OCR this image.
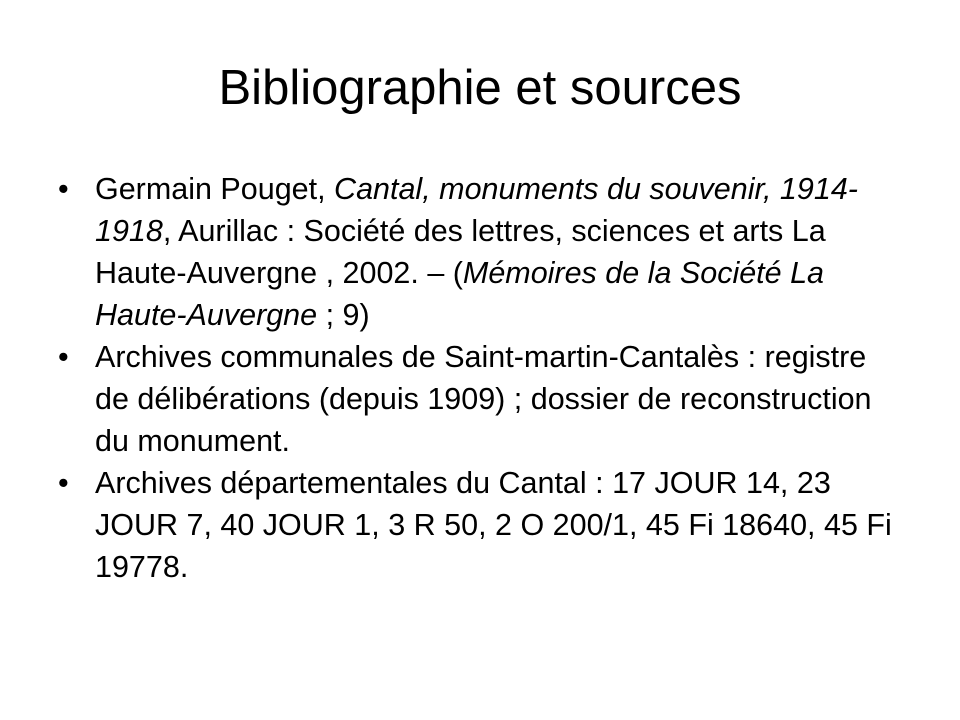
Bibliographie et sources
• Germain Pouget, Cantal, monuments du souvenir, 1914-1918, Aurillac : Société des lettres, sciences et arts La Haute-Auvergne , 2002. – (Mémoires de la Société La Haute-Auvergne ; 9)
• Archives communales de Saint-martin-Cantalès : registre de délibérations (depuis 1909) ; dossier de reconstruction du monument.
• Archives départementales du Cantal : 17 JOUR 14, 23 JOUR 7, 40 JOUR 1, 3 R 50, 2 O 200/1, 45 Fi 18640, 45 Fi 19778.
